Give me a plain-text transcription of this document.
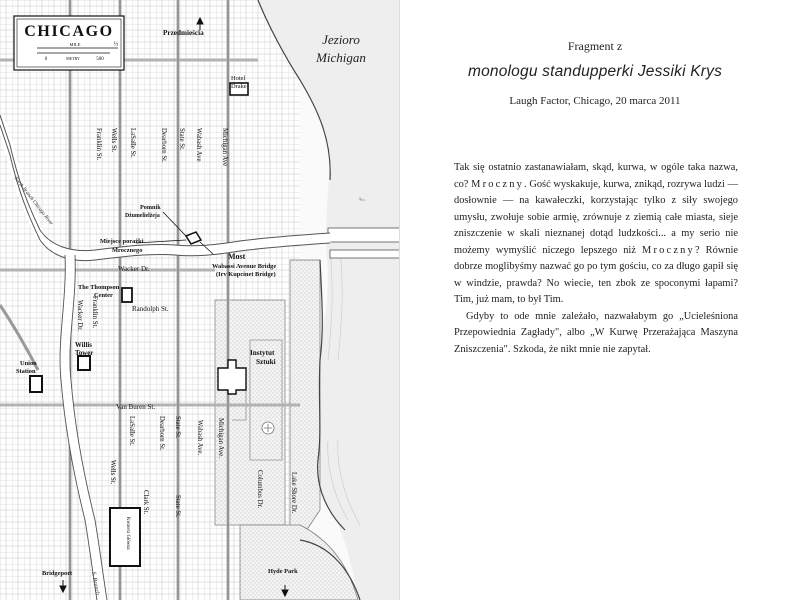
CHICAGO
MILE	½
0	METRY	500
Jezioro
Michigan
Przedmieścia
Hotel
Drake
Pomnik
Dżumelielżeja
Miejsce porażki
Mrocznego
Most
Wabassi Avenue Bridge
(Irv Kupcinet Bridge)
The Thompson
Center
Willis
Tower
Union
Station
Instytut
Sztuki
Hyde Park
Bridgeport
Kwatera Główna
Wacker Dr.
Randolph St.
Van Buren St.
Franklin St. Wells St. LaSalle St.	Dearborn St. State St. Wabash Ave	Michigan Ave
Wacker Dr. Franklin St.
LaSalle St.
Wells St.
Clark St.
State St.
Dearborn St.
State St.
Wabash Ave. Michigan Ave.
Columbus Dr.	Lake Shore Dr.
North Branch Chicago River
S. Branch
Fragment z
monologu standupperki Jessiki Krys
Laugh Factor, Chicago, 20 marca 2011

Tak się ostatnio zastanawiałam, skąd, kurwa, w ogóle taka nazwa, co? Mroczny. Gość wyskakuje, kurwa, znikąd, rozrywa ludzi — dosłownie — na kawałeczki, korzystając tylko z siły swojego umysłu, zwołuje sobie armię, zrównuje z ziemią całe miasta, sieje zniszczenie w skali nieznanej dotąd ludzkości... a my serio nie możemy wymyślić niczego lepszego niż Mroczny? Równie dobrze moglibyśmy nazwać go po tym gościu, co za długo gapił się w windzie, prawda? No wiecie, ten zbok ze spoconymi łapami? Tim, już mam, to był Tim.

Gdyby to ode mnie zależało, nazwałabym go „Ucieleśniona Przepowiednia Zagłady", albo „W Kurwę Przerażająca Maszyna Zniszczenia". Szkoda, że nikt mnie nie zapytał.
